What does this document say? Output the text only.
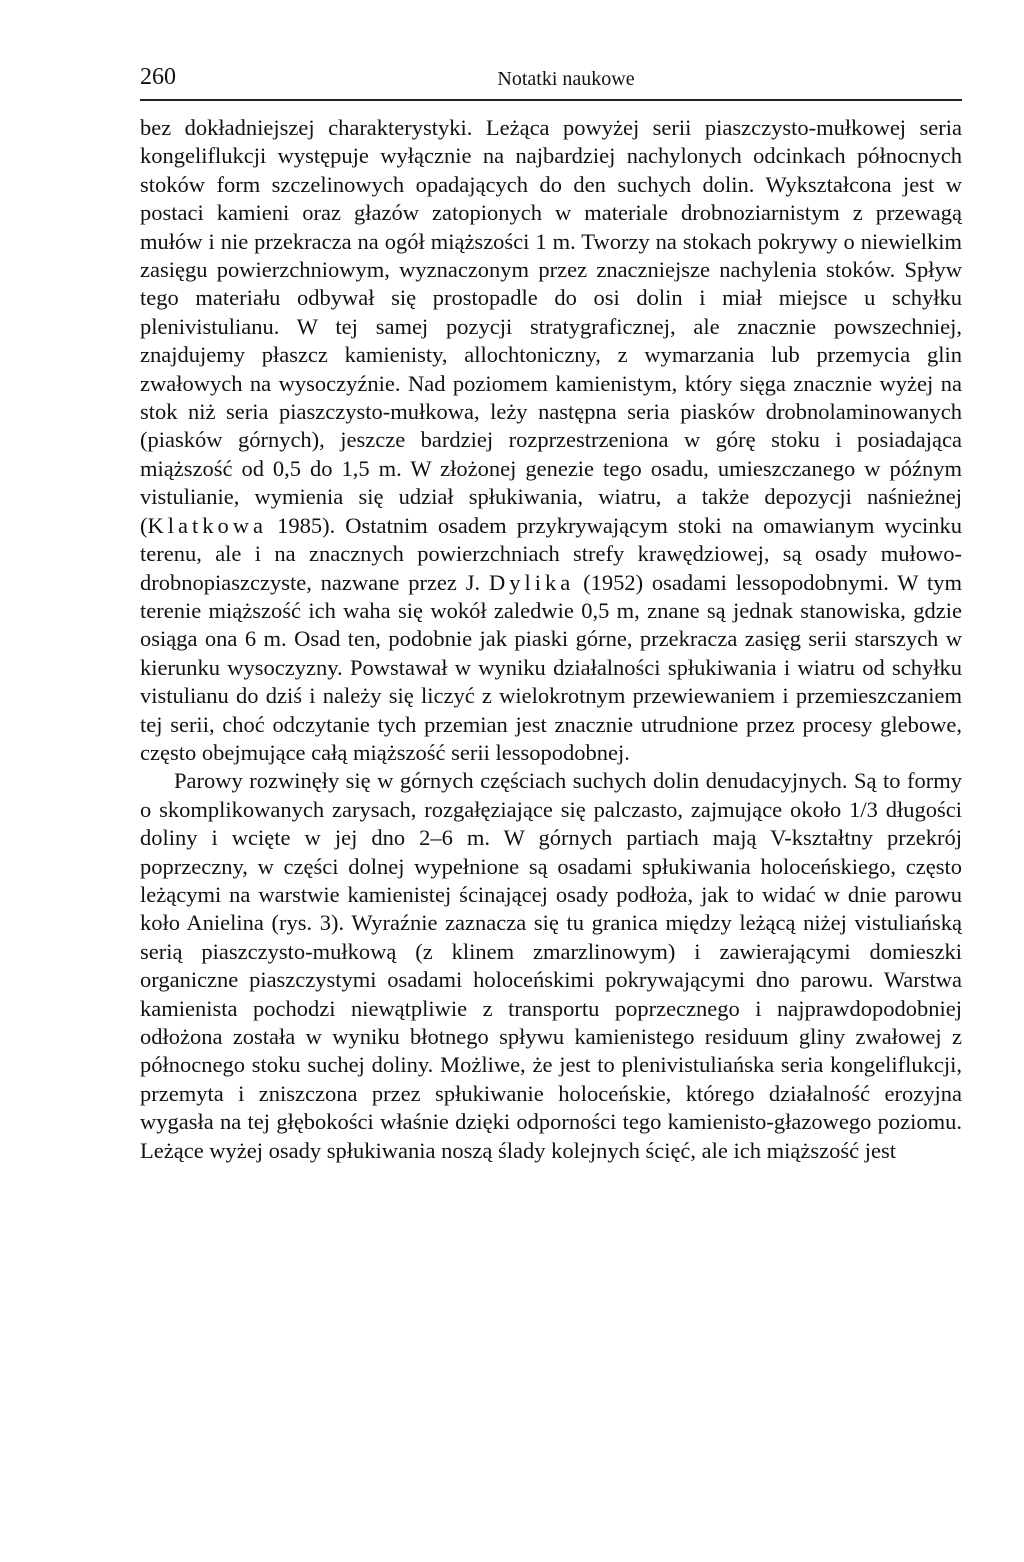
260	Notatki naukowe

bez dokładniejszej charakterystyki. Leżąca powyżej serii piaszczysto-mułkowej seria kongeliflukcji występuje wyłącznie na najbardziej nachylonych odcinkach północnych stoków form szczelinowych opadających do den suchych dolin. Wykształcona jest w postaci kamieni oraz głazów zatopionych w materiale drobnoziarnistym z przewagą mułów i nie przekracza na ogół miąższości 1 m. Tworzy na stokach pokrywy o niewielkim zasięgu powierzchniowym, wyznaczonym przez znaczniejsze nachylenia stoków. Spływ tego materiału odbywał się prostopadle do osi dolin i miał miejsce u schyłku plenivistulianu. W tej samej pozycji stratygraficznej, ale znacznie powszechniej, znajdujemy płaszcz kamienisty, allochtoniczny, z wymarzania lub przemycia glin zwałowych na wysoczyźnie. Nad poziomem kamienistym, który sięga znacznie wyżej na stok niż seria piaszczysto-mułkowa, leży następna seria piasków drobnolaminowanych (piasków górnych), jeszcze bardziej rozprzestrzeniona w górę stoku i posiadająca miąższość od 0,5 do 1,5 m. W złożonej genezie tego osadu, umieszczanego w późnym vistulianie, wymienia się udział spłukiwania, wiatru, a także depozycji naśnieżnej (Klatkowa 1985). Ostatnim osadem przykrywającym stoki na omawianym wycinku terenu, ale i na znacznych powierzchniach strefy krawędziowej, są osady mułowo-drobnopiaszczyste, nazwane przez J. Dylika (1952) osadami lessopodobnymi. W tym terenie miąższość ich waha się wokół zaledwie 0,5 m, znane są jednak stanowiska, gdzie osiąga ona 6 m. Osad ten, podobnie jak piaski górne, przekracza zasięg serii starszych w kierunku wysoczyzny. Powstawał w wyniku działalności spłukiwania i wiatru od schyłku vistulianu do dziś i należy się liczyć z wielokrotnym przewiewaniem i przemieszczaniem tej serii, choć odczytanie tych przemian jest znacznie utrudnione przez procesy glebowe, często obejmujące całą miąższość serii lessopodobnej.

Parowy rozwinęły się w górnych częściach suchych dolin denudacyjnych. Są to formy o skomplikowanych zarysach, rozgałęziające się palczasto, zajmujące około 1/3 długości doliny i wcięte w jej dno 2–6 m. W górnych partiach mają V-kształtny przekrój poprzeczny, w części dolnej wypełnione są osadami spłukiwania holoceńskiego, często leżącymi na warstwie kamienistej ścinającej osady podłoża, jak to widać w dnie parowu koło Anielina (rys. 3). Wyraźnie zaznacza się tu granica między leżącą niżej vistuliańską serią piaszczysto-mułkową (z klinem zmarzlinowym) i zawierającymi domieszki organiczne piaszczystymi osadami holoceńskimi pokrywającymi dno parowu. Warstwa kamienista pochodzi niewątpliwie z transportu poprzecznego i najprawdopodobniej odłożona została w wyniku błotnego spływu kamienistego residuum gliny zwałowej z północnego stoku suchej doliny. Możliwe, że jest to plenivistuliańska seria kongeliflukcji, przemyta i zniszczona przez spłukiwanie holoceńskie, którego działalność erozyjna wygasła na tej głębokości właśnie dzięki odporności tego kamienisto-głazowego poziomu. Leżące wyżej osady spłukiwania noszą ślady kolejnych ścięć, ale ich miąższość jest
